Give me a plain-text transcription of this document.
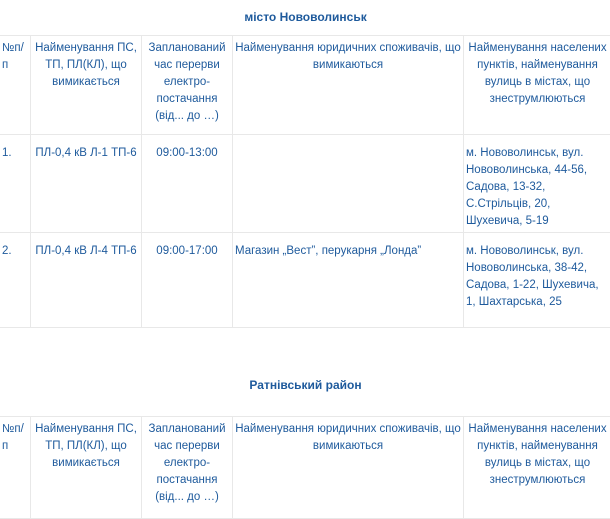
місто Нововолинськ				
№п/п	Найменування ПС, ТП, ПЛ(КЛ), що вимикається	Запланований час перерви електро-постачання (від... до …)	Найменування юридичних споживачів, що вимикаються	Найменування населених пунктів, найменування вулиць в містах, що знеструмлюються
1.	ПЛ-0,4 кВ Л-1 ТП-6	09:00-13:00		м. Нововолинськ, вул. Нововолинська, 44-56, Садова, 13-32, С.Стрільців, 20, Шухевича, 5-19
2.	ПЛ-0,4 кВ Л-4 ТП-6	09:00-17:00	Магазин „Вест”, перукарня „Лонда”	м. Нововолинськ, вул. Нововолинська, 38-42, Садова, 1-22, Шухевича, 1, Шахтарська, 25
Ратнівський район				
№п/п	Найменування ПС, ТП, ПЛ(КЛ), що вимикається	Запланований час перерви електро-постачання (від... до …)	Найменування юридичних споживачів, що вимикаються	Найменування населених пунктів, найменування вулиць в містах, що знеструмлюються
